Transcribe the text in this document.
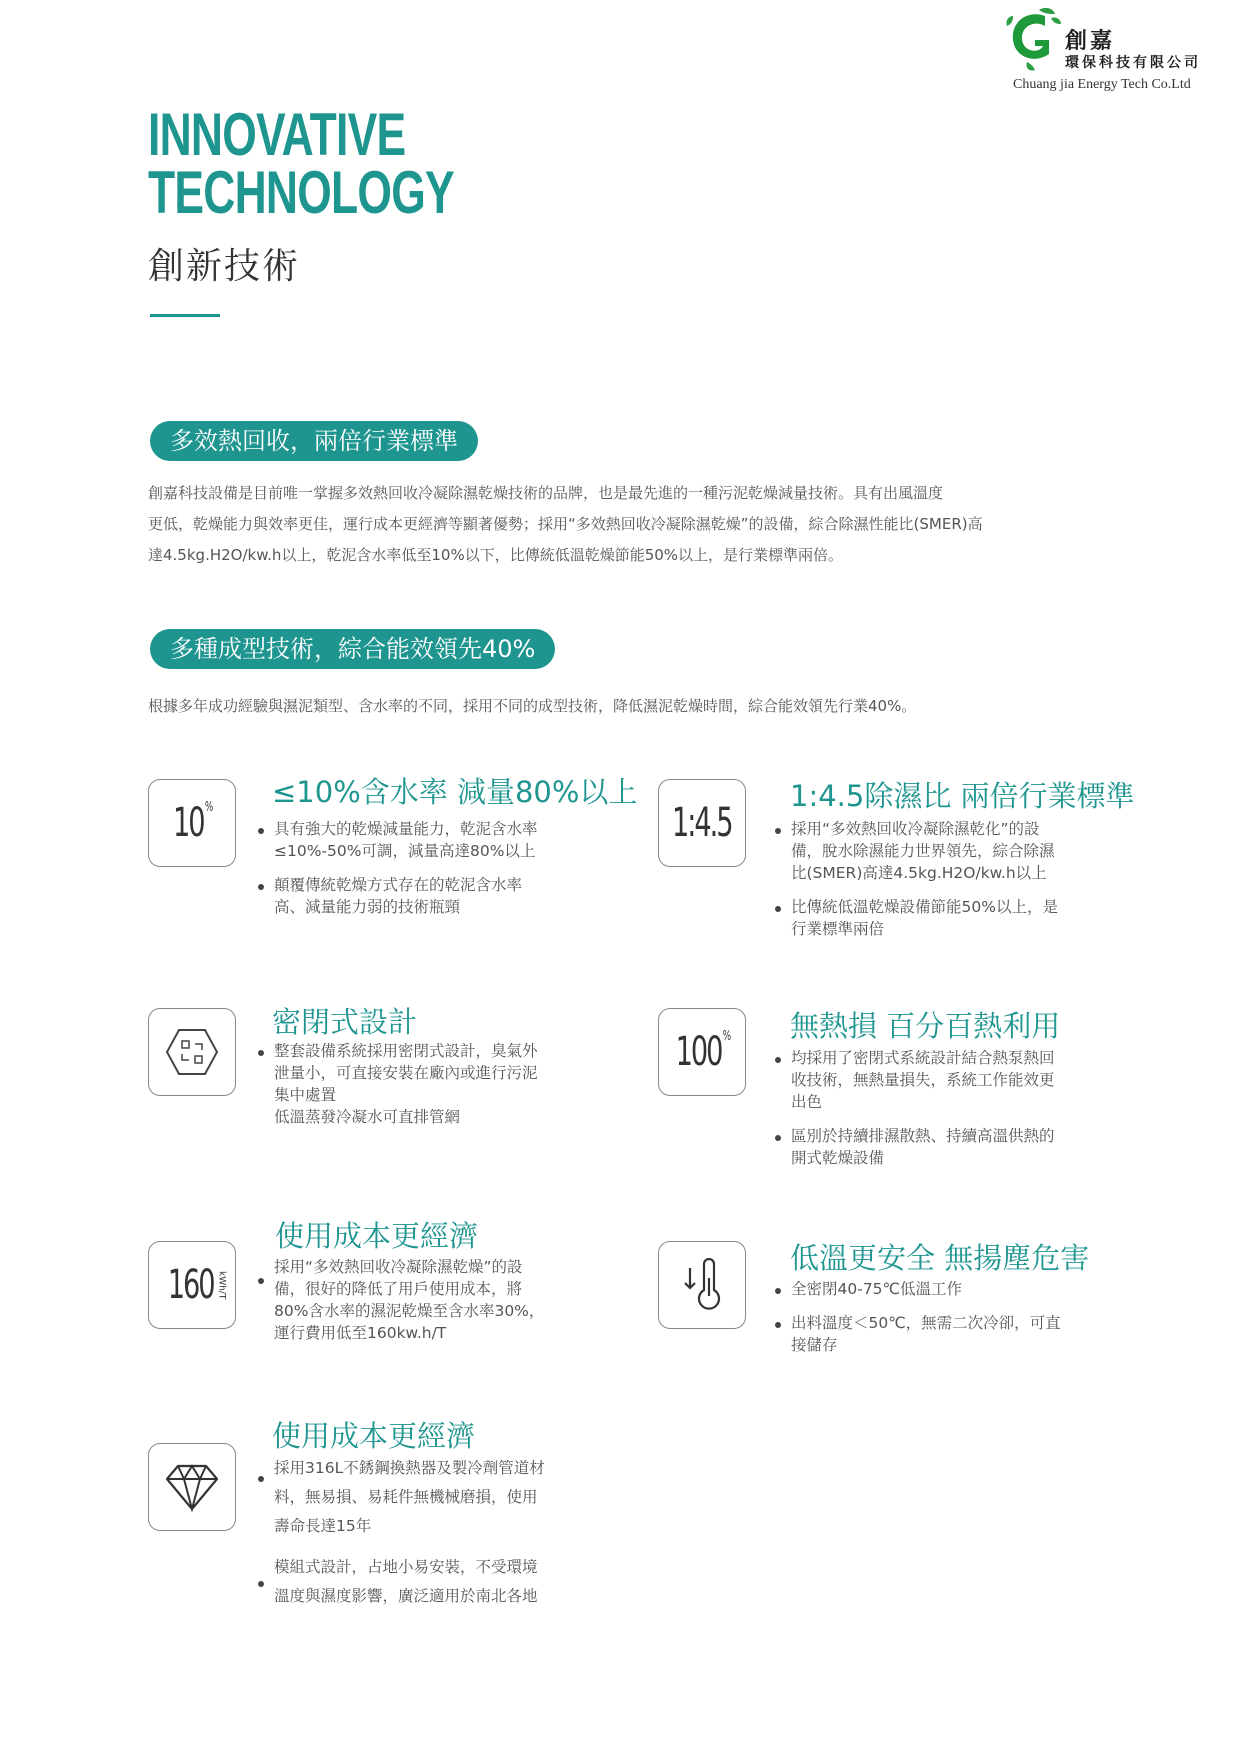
創嘉
環保科技有限公司
Chuang jia Energy Tech Co.Ltd
INNOVATIVE
TECHNOLOGY
創新技術
多效熱回收，兩倍行業標準
創嘉科技設備是目前唯一掌握多效熱回收冷凝除濕乾燥技術的品牌，也是最先進的一種污泥乾燥減量技術。具有出風溫度
更低，乾燥能力與效率更佳，運行成本更經濟等顯著優勢；採用“多效熱回收冷凝除濕乾燥”的設備，綜合除濕性能比(SMER)高
達4.5kg.H2O/kw.h以上，乾泥含水率低至10%以下，比傳統低溫乾燥節能50%以上，是行業標準兩倍。
多種成型技術，綜合能效領先40%
根據多年成功經驗與濕泥類型、含水率的不同，採用不同的成型技術，降低濕泥乾燥時間，綜合能效領先行業40%。
10% ≤10%含水率 減量80%以上
具有強大的乾燥減量能力，乾泥含水率
≤10%-50%可調，減量高達80%以上
顛覆傳統乾燥方式存在的乾泥含水率
高、減量能力弱的技術瓶頸
1:4.5
1:4.5除濕比 兩倍行業標準
採用“多效熱回收冷凝除濕乾化”的設
備，脫水除濕能力世界領先，綜合除濕
比(SMER)高達4.5kg.H2O/kw.h以上
比傳統低溫乾燥設備節能50%以上，是
行業標準兩倍
密閉式設計
整套設備系統採用密閉式設計，臭氣外
泄量小，可直接安裝在廠內或進行污泥
集中處置
低溫蒸發冷凝水可直排管網
100% 無熱損 百分百熱利用
均採用了密閉式系統設計結合熱泵熱回
收技術，無熱量損失，系統工作能效更
出色
區別於持續排濕散熱、持續高溫供熱的
開式乾燥設備
160 kWh/T
使用成本更經濟
採用“多效熱回收冷凝除濕乾燥”的設
備，很好的降低了用戶使用成本，將
80%含水率的濕泥乾燥至含水率30%，
運行費用低至160kw.h/T
低溫更安全 無揚塵危害
全密閉40-75℃低溫工作
出料溫度＜50℃，無需二次冷卻，可直
接儲存
使用成本更經濟
採用316L不銹鋼換熱器及製冷劑管道材
料，無易損、易耗件無機械磨損，使用
壽命長達15年
模組式設計，占地小易安裝，不受環境
溫度與濕度影響，廣泛適用於南北各地
